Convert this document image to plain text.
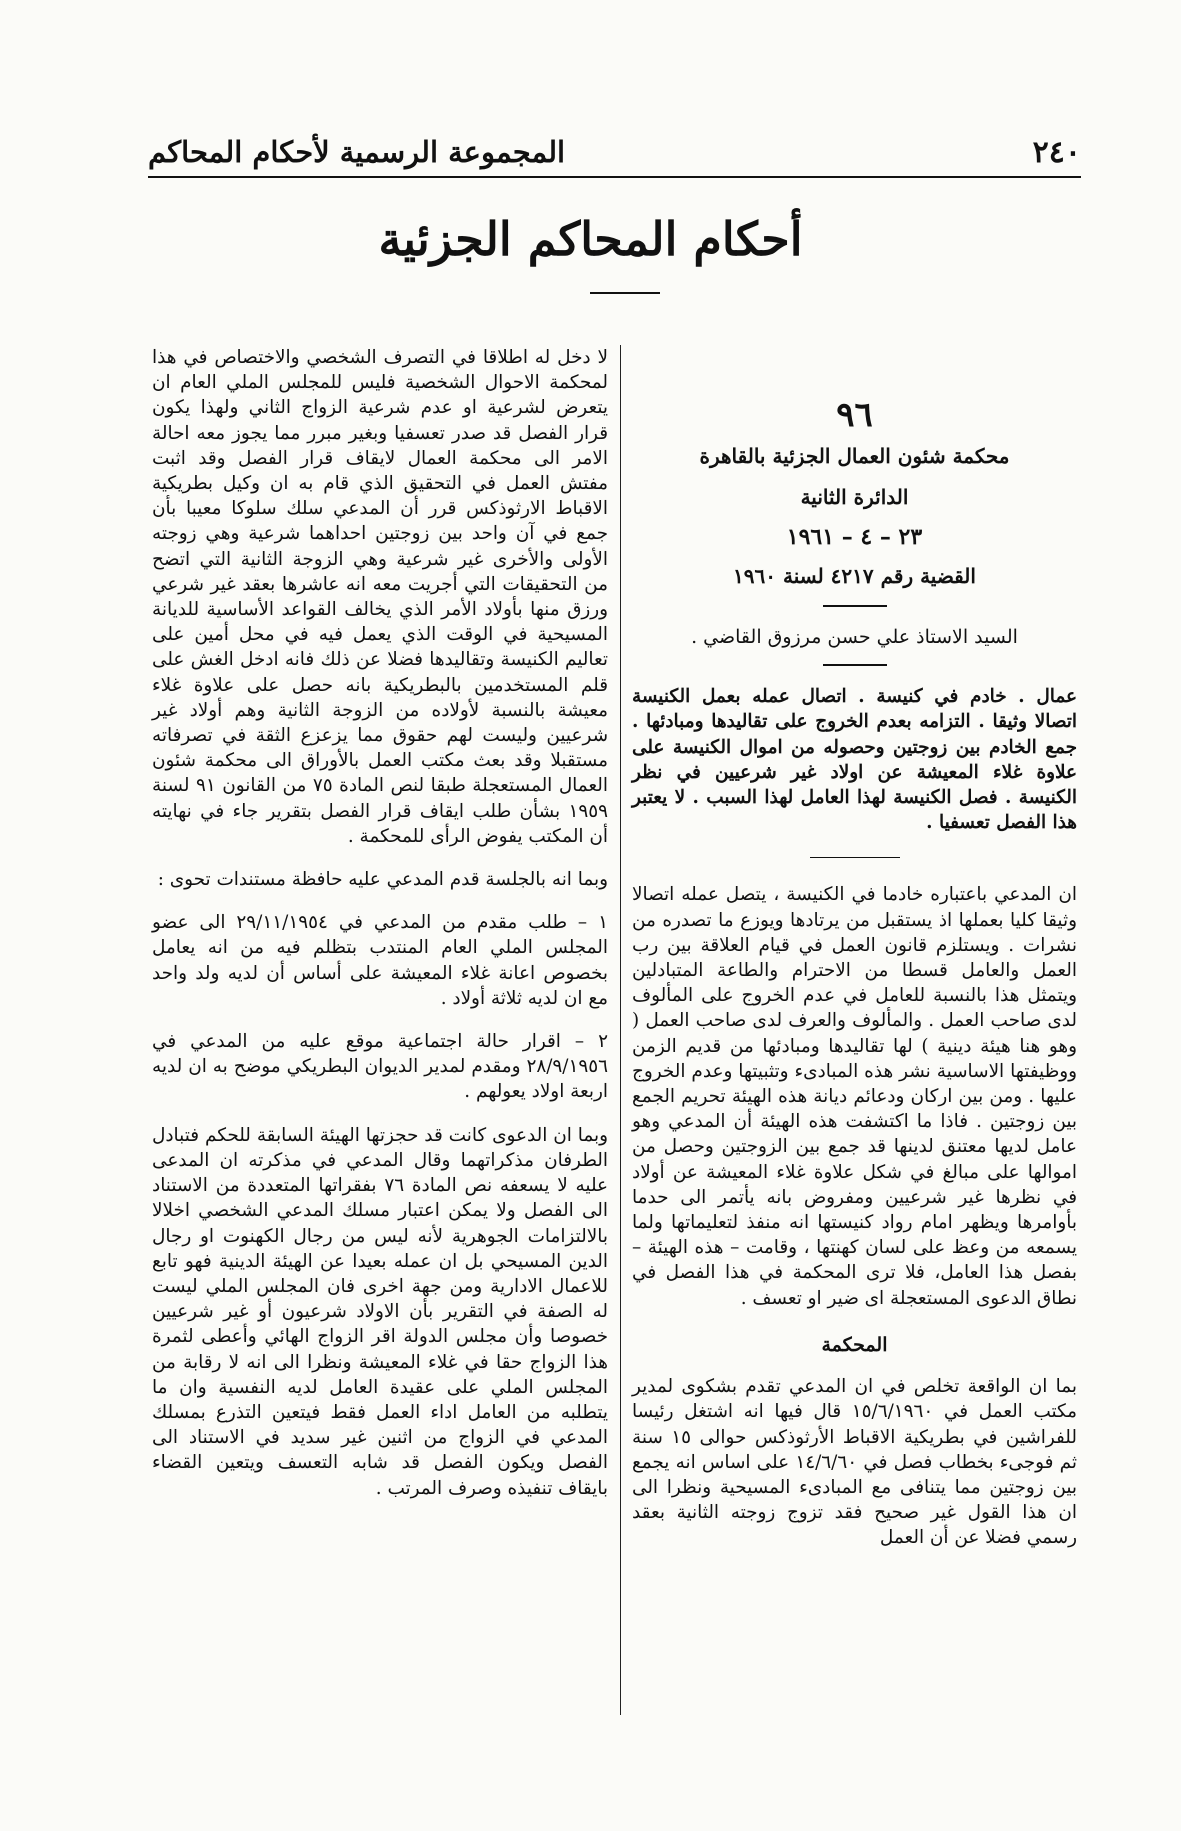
٢٤٠
المجموعة الرسمية لأحكام المحاكم
أحكام المحاكم الجزئية
٩٦
محكمة شئون العمال الجزئية بالقاهرة
الدائرة الثانية
٢٣ – ٤ – ١٩٦١
القضية رقم ٤٢١٧ لسنة ١٩٦٠
السيد الاستاذ علي حسن مرزوق القاضي .

عمال . خادم في كنيسة . اتصال عمله بعمل الكنيسة اتصالا وثيقا . التزامه بعدم الخروج على تقاليدها ومبادئها . جمع الخادم بين زوجتين وحصوله من اموال الكنيسة على علاوة غلاء المعيشة عن اولاد غير شرعيين في نظر الكنيسة . فصل الكنيسة لهذا العامل لهذا السبب . لا يعتبر هذا الفصل تعسفيا .

ان المدعي باعتباره خادما في الكنيسة ، يتصل عمله اتصالا وثيقا كليا بعملها اذ يستقبل من يرتادها ويوزع ما تصدره من نشرات . ويستلزم قانون العمل في قيام العلاقة بين رب العمل والعامل قسطا من الاحترام والطاعة المتبادلين ويتمثل هذا بالنسبة للعامل في عدم الخروج على المألوف لدى صاحب العمل . والمألوف والعرف لدى صاحب العمل ( وهو هنا هيئة دينية ) لها تقاليدها ومبادئها من قديم الزمن ووظيفتها الاساسية نشر هذه المبادىء وتثبيتها وعدم الخروج عليها . ومن بين اركان ودعائم ديانة هذه الهيئة تحريم الجمع بين زوجتين . فاذا ما اكتشفت هذه الهيئة أن المدعي وهو عامل لديها معتنق لدينها قد جمع بين الزوجتين وحصل من اموالها على مبالغ في شكل علاوة غلاء المعيشة عن أولاد في نظرها غير شرعيين ومفروض بانه يأتمر الى حدما بأوامرها ويظهر امام رواد كنيستها انه منفذ لتعليماتها ولما يسمعه من وعظ على لسان كهنتها ، وقامت – هذه الهيئة – بفصل هذا العامل، فلا ترى المحكمة في هذا الفصل في نطاق الدعوى المستعجلة اى ضير او تعسف .

المحكمة

بما ان الواقعة تخلص في ان المدعي تقدم بشكوى لمدير مكتب العمل في ١٥/٦/١٩٦٠ قال فيها انه اشتغل رئيسا للفراشين في بطريكية الاقباط الأرثوذكس حوالى ١٥ سنة ثم فوجىء بخطاب فصل في ١٤/٦/٦٠ على اساس انه يجمع بين زوجتين مما يتنافى مع المبادىء المسيحية ونظرا الى ان هذا القول غير صحيح فقد تزوج زوجته الثانية بعقد رسمي فضلا عن أن العمل

لا دخل له اطلاقا في التصرف الشخصي والاختصاص في هذا لمحكمة الاحوال الشخصية فليس للمجلس الملي العام ان يتعرض لشرعية او عدم شرعية الزواج الثاني ولهذا يكون قرار الفصل قد صدر تعسفيا وبغير مبرر مما يجوز معه احالة الامر الى محكمة العمال لايقاف قرار الفصل وقد اثبت مفتش العمل في التحقيق الذي قام به ان وكيل بطريكية الاقباط الارثوذكس قرر أن المدعي سلك سلوكا معيبا بأن جمع في آن واحد بين زوجتين احداهما شرعية وهي زوجته الأولى والأخرى غير شرعية وهي الزوجة الثانية التي اتضح من التحقيقات التي أجريت معه انه عاشرها بعقد غير شرعي ورزق منها بأولاد الأمر الذي يخالف القواعد الأساسية للديانة المسيحية في الوقت الذي يعمل فيه في محل أمين على تعاليم الكنيسة وتقاليدها فضلا عن ذلك فانه ادخل الغش على قلم المستخدمين بالبطريكية بانه حصل على علاوة غلاء معيشة بالنسبة لأولاده من الزوجة الثانية وهم أولاد غير شرعيين وليست لهم حقوق مما يزعزع الثقة في تصرفاته مستقبلا وقد بعث مكتب العمل بالأوراق الى محكمة شئون العمال المستعجلة طبقا لنص المادة ٧٥ من القانون ٩١ لسنة ١٩٥٩ بشأن طلب ايقاف قرار الفصل بتقرير جاء في نهايته أن المكتب يفوض الرأى للمحكمة .

وبما انه بالجلسة قدم المدعي عليه حافظة مستندات تحوى :

١ – طلب مقدم من المدعي في ٢٩/١١/١٩٥٤ الى عضو المجلس الملي العام المنتدب بتظلم فيه من انه يعامل بخصوص اعانة غلاء المعيشة على أساس أن لديه ولد واحد مع ان لديه ثلاثة أولاد .

٢ – اقرار حالة اجتماعية موقع عليه من المدعي في ٢٨/٩/١٩٥٦ ومقدم لمدير الديوان البطريكي موضح به ان لديه اربعة اولاد يعولهم .

وبما ان الدعوى كانت قد حجزتها الهيئة السابقة للحكم فتبادل الطرفان مذكراتهما وقال المدعي في مذكرته ان المدعى عليه لا يسعفه نص المادة ٧٦ بفقراتها المتعددة من الاستناد الى الفصل ولا يمكن اعتبار مسلك المدعي الشخصي اخلالا بالالتزامات الجوهرية لأنه ليس من رجال الكهنوت او رجال الدين المسيحي بل ان عمله بعيدا عن الهيئة الدينية فهو تابع للاعمال الادارية ومن جهة اخرى فان المجلس الملي ليست له الصفة في التقرير بأن الاولاد شرعيون أو غير شرعيين خصوصا وأن مجلس الدولة اقر الزواج الهائي وأعطى لثمرة هذا الزواج حقا في غلاء المعيشة ونظرا الى انه لا رقابة من المجلس الملي على عقيدة العامل لديه النفسية وان ما يتطلبه من العامل اداء العمل فقط فيتعين التذرع بمسلك المدعي في الزواج من اثنين غير سديد في الاستناد الى الفصل ويكون الفصل قد شابه التعسف ويتعين القضاء بايقاف تنفيذه وصرف المرتب .
